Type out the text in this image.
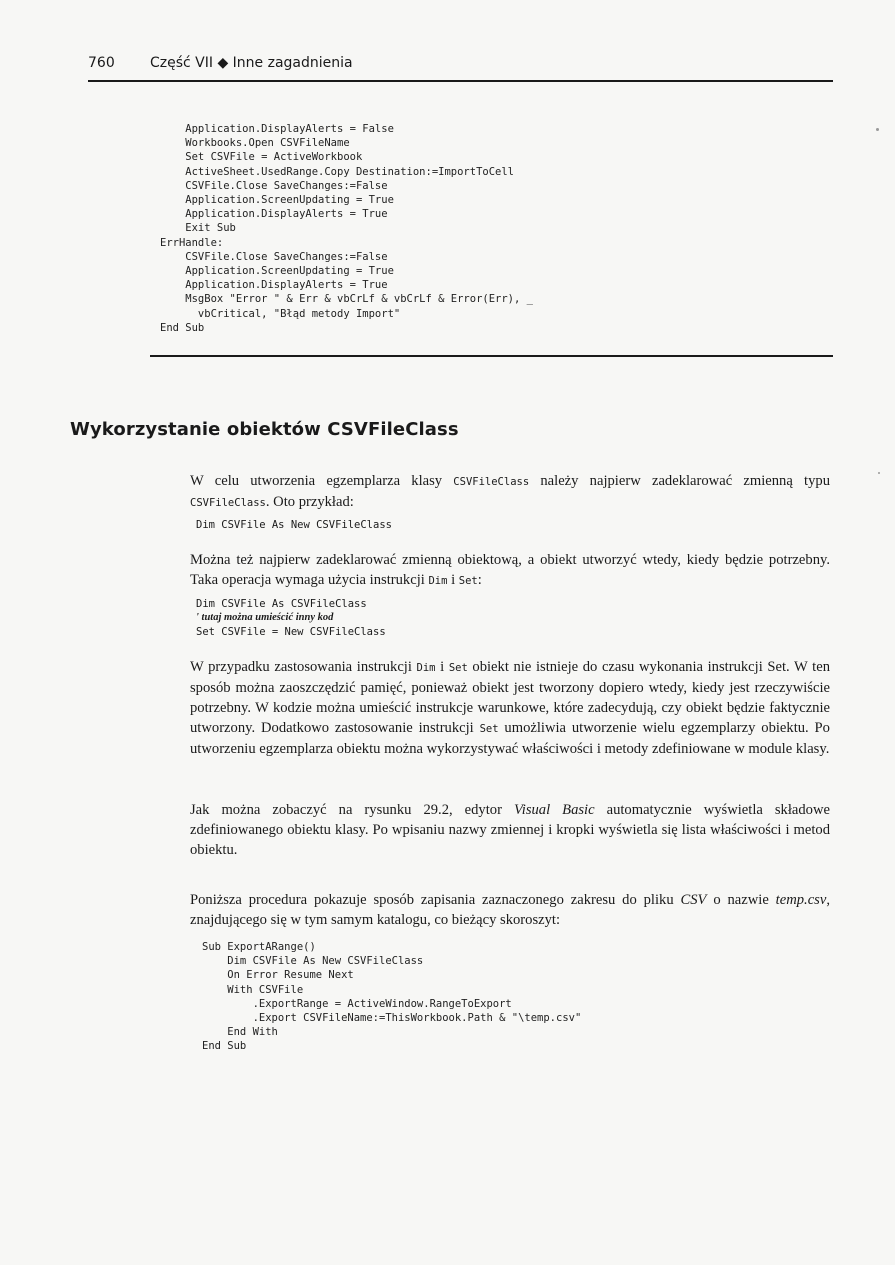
760	Część VII ◆ Inne zagadnienia
Application.DisplayAlerts = False
Workbooks.Open CSVFileName
Set CSVFile = ActiveWorkbook
ActiveSheet.UsedRange.Copy Destination:=ImportToCell
CSVFile.Close SaveChanges:=False
Application.ScreenUpdating = True
Application.DisplayAlerts = True
Exit Sub
ErrHandle:
CSVFile.Close SaveChanges:=False
Application.ScreenUpdating = True
Application.DisplayAlerts = True
MsgBox "Error " & Err & vbCrLf & vbCrLf & Error(Err), _
vbCritical, "Błąd metody Import"
End Sub
Wykorzystanie obiektów CSVFileClass
W celu utworzenia egzemplarza klasy CSVFileClass należy najpierw zadeklarować zmienną typu CSVFileClass. Oto przykład:
Dim CSVFile As New CSVFileClass
Można też najpierw zadeklarować zmienną obiektową, a obiekt utworzyć wtedy, kiedy będzie potrzebny. Taka operacja wymaga użycia instrukcji Dim i Set:
Dim CSVFile As CSVFileClass
' tutaj można umieścić inny kod
Set CSVFile = New CSVFileClass
W przypadku zastosowania instrukcji Dim i Set obiekt nie istnieje do czasu wykonania instrukcji Set. W ten sposób można zaoszczędzić pamięć, ponieważ obiekt jest tworzony dopiero wtedy, kiedy jest rzeczywiście potrzebny. W kodzie można umieścić instrukcje warunkowe, które zadecydują, czy obiekt będzie faktycznie utworzony. Dodatkowo zastosowanie instrukcji Set umożliwia utworzenie wielu egzemplarzy obiektu. Po utworzeniu egzemplarza obiektu można wykorzystywać właściwości i metody zdefiniowane w module klasy.
Jak można zobaczyć na rysunku 29.2, edytor Visual Basic automatycznie wyświetla składowe zdefiniowanego obiektu klasy. Po wpisaniu nazwy zmiennej i kropki wyświetla się lista właściwości i metod obiektu.
Poniższa procedura pokazuje sposób zapisania zaznaczonego zakresu do pliku CSV o nazwie temp.csv, znajdującego się w tym samym katalogu, co bieżący skoroszyt:
Sub ExportARange()
Dim CSVFile As New CSVFileClass
On Error Resume Next
With CSVFile
.ExportRange = ActiveWindow.RangeToExport
.Export CSVFileName:=ThisWorkbook.Path & "\temp.csv"
End With
End Sub
